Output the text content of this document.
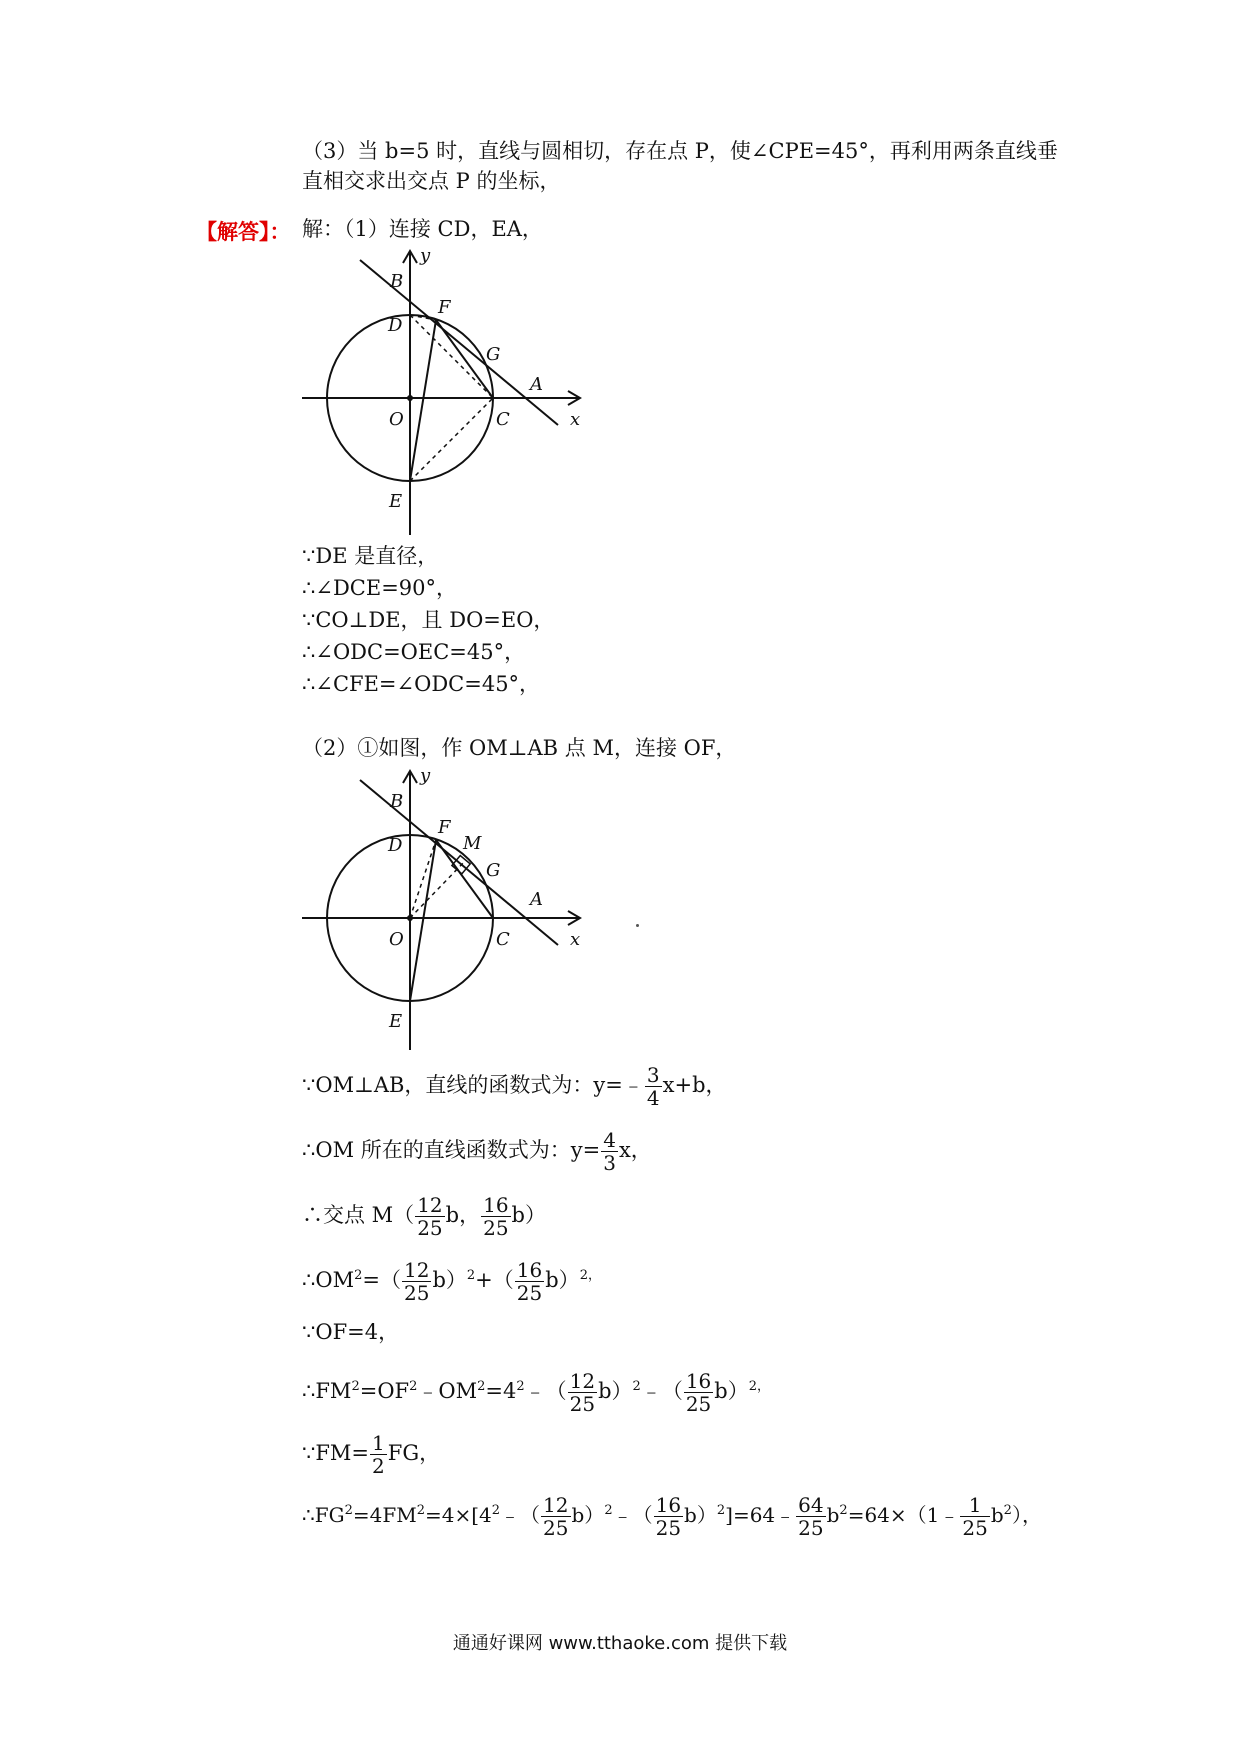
（3）当 b=5 时，直线与圆相切，存在点 P，使∠CPE=45°，再利用两条直线垂
直相交求出交点 P 的坐标，
【解答】： 解：（1）连接 CD，EA，
B
y
D
F
G
A
O	C	x
E
∵DE 是直径，
∴∠DCE=90°，
∵CO⊥DE，且 DO=EO，
∴∠ODC=OEC=45°，
∴∠CFE=∠ODC=45°，
（2）①如图，作 OM⊥AB 点 M，连接 OF，
B
y
D
F
M
G
A
O	C	x
E
∵OM⊥AB，直线的函数式为：y=﹣ $\frac{3}{4} x+b$，
∴OM 所在的直线函数式为：$y= \frac{4}{3}$ x，
∴交点 $M( \frac{12}{25}$ b， $\frac{16}{25} b$）
$\therefore OM^2=( \frac{12}{25} b)^2+( \frac{16}{25} b)^{2,}$
∵OF=4，
$\therefore FM^2=OF^2﹣OM^2=4^2﹣( \frac{12}{25}$ b）$^2$﹣（ $\frac{16}{25} b)^{2,}$
∵FM= $\frac{1}{2}$ FG，
$\therefore FG^2=4FM^2=4\times[4^2﹣( \frac{12}{25}$ b）$^2$﹣（ $\frac{16}{25}$ b）$^2$]=64﹣ $\frac{64}{25}$ $b^2=64\times(1﹣ \frac{1}{25} b^2)$，
通通好课网 www.tthaoke.com 提供下载
